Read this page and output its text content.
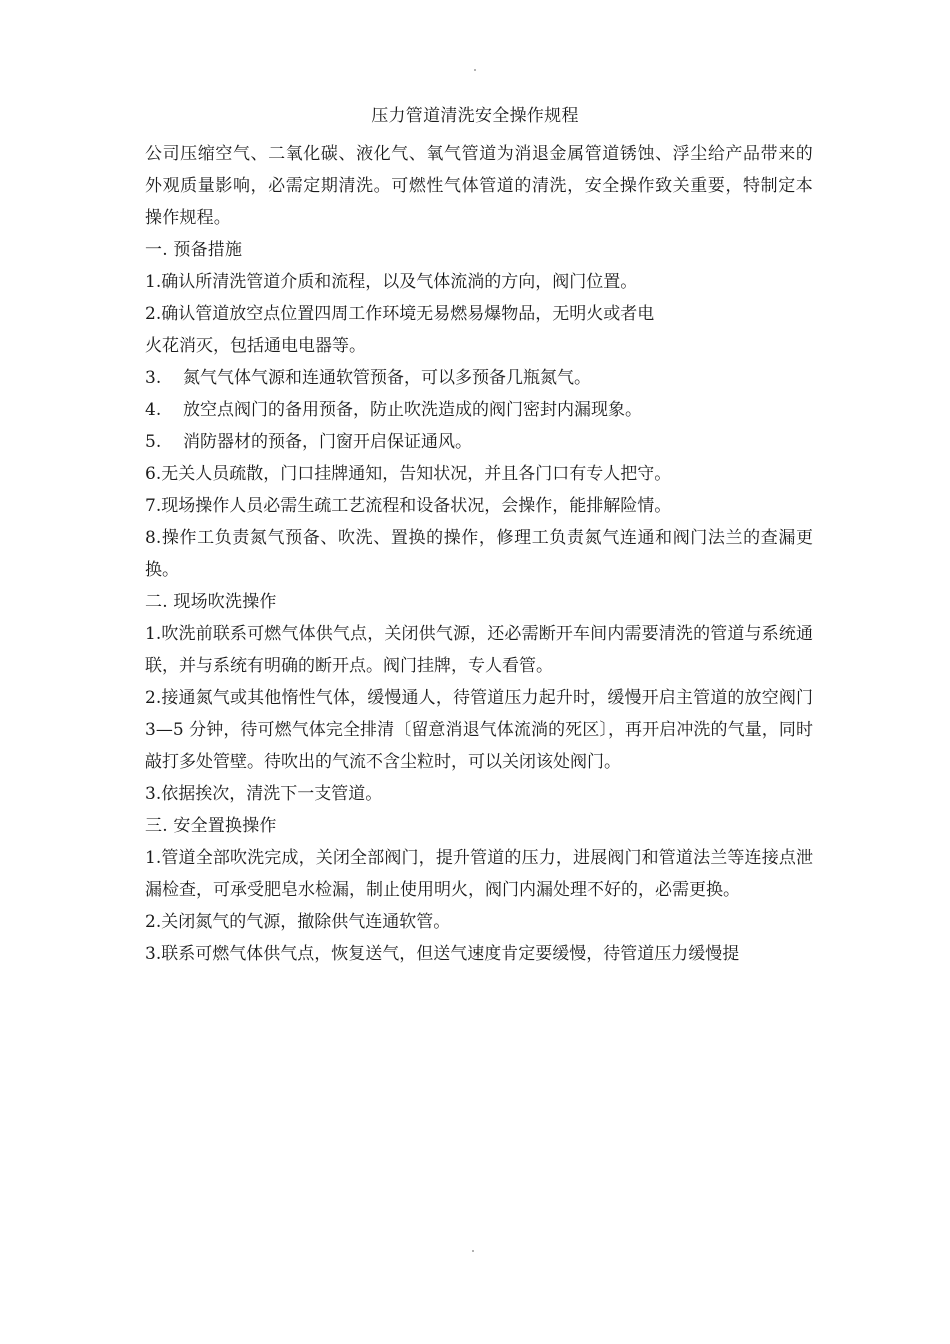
压力管道清洗安全操作规程

公司压缩空气、二氧化碳、液化气、氧气管道为消退金属管道锈蚀、浮尘给产品带来的外观质量影响，必需定期清洗。可燃性气体管道的清洗，安全操作致关重要，特制定本操作规程。

一. 预备措施

1.确认所清洗管道介质和流程，以及气体流淌的方向，阀门位置。

2.确认管道放空点位置四周工作环境无易燃易爆物品，无明火或者电
火花消灭，包括通电电器等。

3. 氮气气体气源和连通软管预备，可以多预备几瓶氮气。

4. 放空点阀门的备用预备，防止吹洗造成的阀门密封内漏现象。

5. 消防器材的预备，门窗开启保证通风。

6.无关人员疏散，门口挂牌通知，告知状况，并且各门口有专人把守。

7.现场操作人员必需生疏工艺流程和设备状况，会操作，能排解险情。

8.操作工负责氮气预备、吹洗、置换的操作，修理工负责氮气连通和阀门法兰的查漏更换。

二. 现场吹洗操作

1.吹洗前联系可燃气体供气点，关闭供气源，还必需断开车间内需要清洗的管道与系统通联，并与系统有明确的断开点。阀门挂牌，专人看管。

2.接通氮气或其他惰性气体，缓慢通人，待管道压力起升时，缓慢开启主管道的放空阀门 3—5 分钟，待可燃气体完全排清〔留意消退气体流淌的死区〕，再开启冲洗的气量，同时敲打多处管壁。待吹出的气流不含尘粒时，可以关闭该处阀门。

3.依据挨次，清洗下一支管道。

三. 安全置换操作

1.管道全部吹洗完成，关闭全部阀门，提升管道的压力，进展阀门和管道法兰等连接点泄漏检查，可承受肥皂水检漏，制止使用明火，阀门内漏处理不好的，必需更换。

2.关闭氮气的气源，撤除供气连通软管。

3.联系可燃气体供气点，恢复送气，但送气速度肯定要缓慢，待管道压力缓慢提
